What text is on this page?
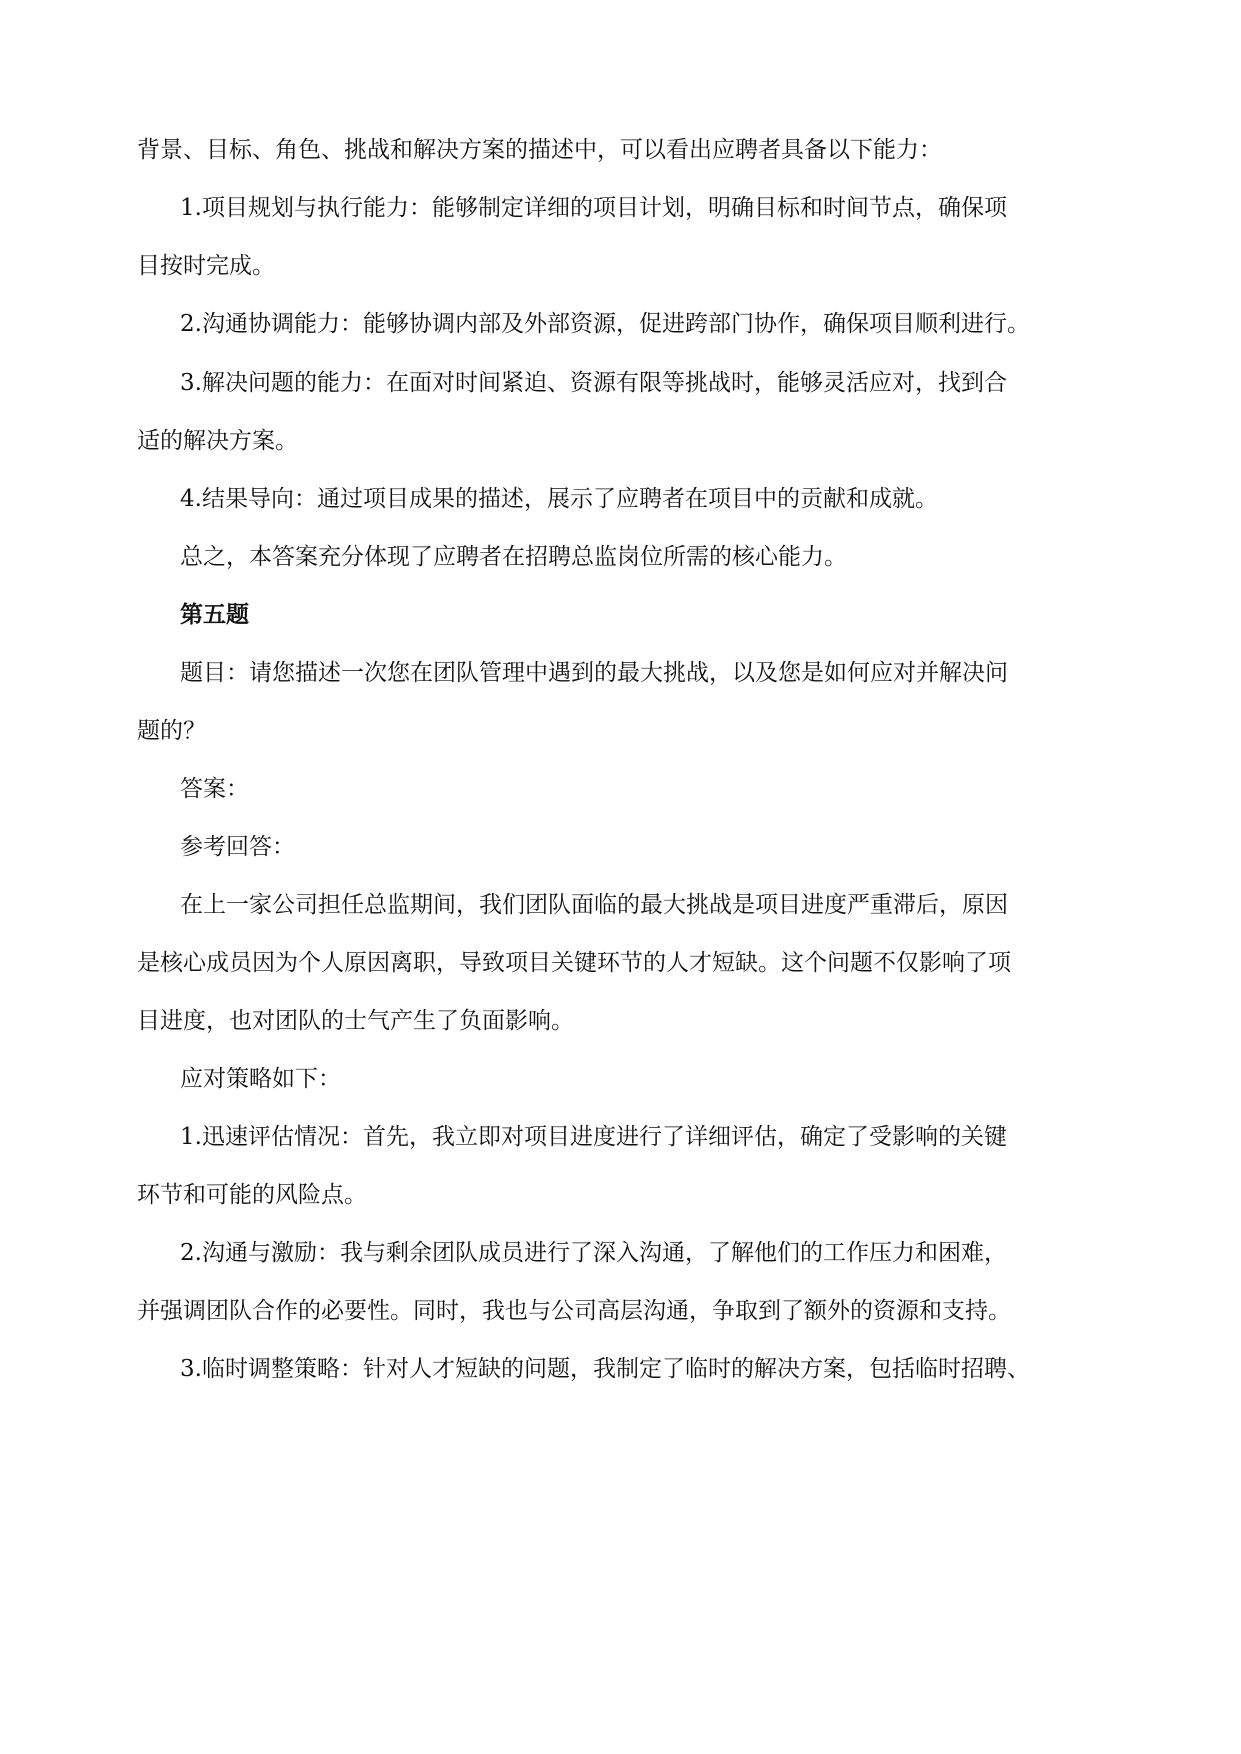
背景、目标、角色、挑战和解决方案的描述中，可以看出应聘者具备以下能力：
1.项目规划与执行能力：能够制定详细的项目计划，明确目标和时间节点，确保项
目按时完成。
2.沟通协调能力：能够协调内部及外部资源，促进跨部门协作，确保项目顺利进行。
3.解决问题的能力：在面对时间紧迫、资源有限等挑战时，能够灵活应对，找到合
适的解决方案。
4.结果导向：通过项目成果的描述，展示了应聘者在项目中的贡献和成就。
总之，本答案充分体现了应聘者在招聘总监岗位所需的核心能力。
第五题
题目：请您描述一次您在团队管理中遇到的最大挑战，以及您是如何应对并解决问
题的？
答案：
参考回答：
在上一家公司担任总监期间，我们团队面临的最大挑战是项目进度严重滞后，原因
是核心成员因为个人原因离职，导致项目关键环节的人才短缺。这个问题不仅影响了项
目进度，也对团队的士气产生了负面影响。
应对策略如下：
1.迅速评估情况：首先，我立即对项目进度进行了详细评估，确定了受影响的关键
环节和可能的风险点。
2.沟通与激励：我与剩余团队成员进行了深入沟通，了解他们的工作压力和困难，
并强调团队合作的必要性。同时，我也与公司高层沟通，争取到了额外的资源和支持。
3.临时调整策略：针对人才短缺的问题，我制定了临时的解决方案，包括临时招聘、
